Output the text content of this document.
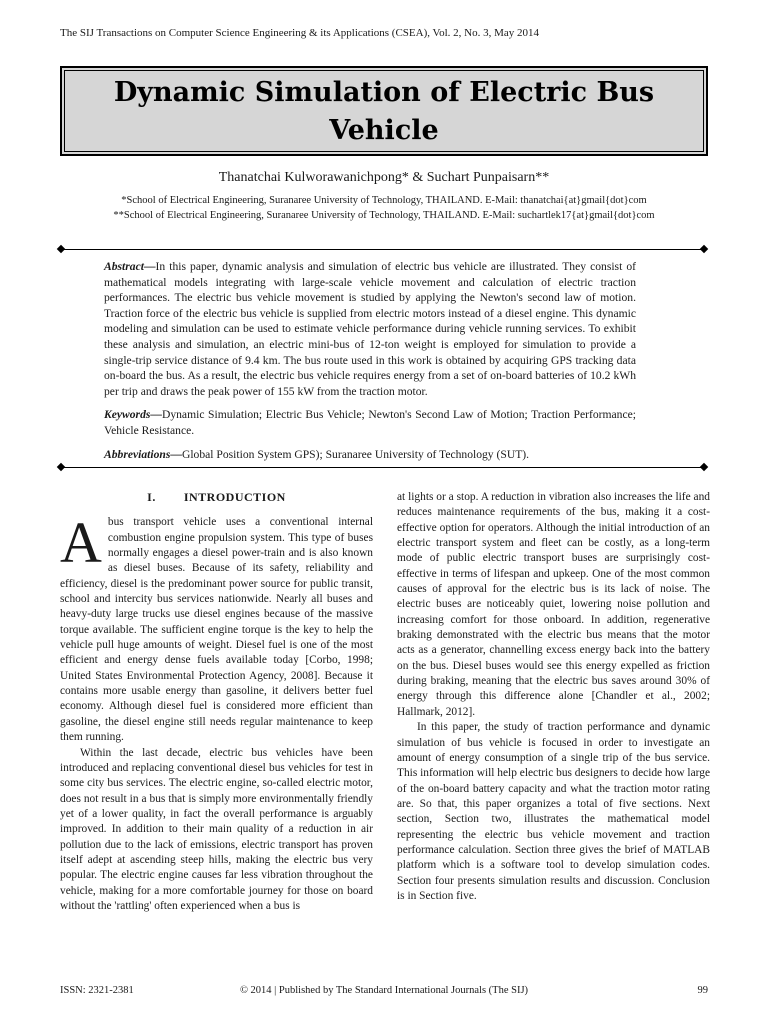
The SIJ Transactions on Computer Science Engineering & its Applications (CSEA), Vol. 2, No. 3, May 2014
Dynamic Simulation of Electric Bus
Vehicle
Thanatchai Kulworawanichpong* & Suchart Punpaisarn**
*School of Electrical Engineering, Suranaree University of Technology, THAILAND. E-Mail: thanatchai{at}gmail{dot}com
**School of Electrical Engineering, Suranaree University of Technology, THAILAND. E-Mail: suchartlek17{at}gmail{dot}com

Abstract—In this paper, dynamic analysis and simulation of electric bus vehicle are illustrated. They consist of mathematical models integrating with large-scale vehicle movement and calculation of electric traction performances. The electric bus vehicle movement is studied by applying the Newton's second law of motion. Traction force of the electric bus vehicle is supplied from electric motors instead of a diesel engine. This dynamic modeling and simulation can be used to estimate vehicle performance during vehicle running services. To exhibit these analysis and simulation, an electric mini-bus of 12-ton weight is employed for simulation to provide a single-trip service distance of 9.4 km. The bus route used in this work is obtained by acquiring GPS tracking data on-board the bus. As a result, the electric bus vehicle requires energy from a set of on-board batteries of 10.2 kWh per trip and draws the peak power of 155 kW from the traction motor.

Keywords—Dynamic Simulation; Electric Bus Vehicle; Newton's Second Law of Motion; Traction Performance; Vehicle Resistance.

Abbreviations—Global Position System GPS); Suranaree University of Technology (SUT).

I. INTRODUCTION

Abus transport vehicle uses a conventional internal combustion engine propulsion system. This type of buses normally engages a diesel power-train and is also known as diesel buses. Because of its safety, reliability and efficiency, diesel is the predominant power source for public transit, school and intercity bus services nationwide. Nearly all buses and heavy-duty large trucks use diesel engines because of the massive torque available. The sufficient engine torque is the key to help the vehicle pull huge amounts of weight. Diesel fuel is one of the most efficient and energy dense fuels available today [Corbo, 1998; United States Environmental Protection Agency, 2008]. Because it contains more usable energy than gasoline, it delivers better fuel economy. Although diesel fuel is considered more efficient than gasoline, the diesel engine still needs regular maintenance to keep them running.

Within the last decade, electric bus vehicles have been introduced and replacing conventional diesel bus vehicles for test in some city bus services. The electric engine, so-called electric motor, does not result in a bus that is simply more environmentally friendly yet of a lower quality, in fact the overall performance is arguably improved. In addition to their main quality of a reduction in air pollution due to the lack of emissions, electric transport has proven itself adept at ascending steep hills, making the electric bus very popular. The electric engine causes far less vibration throughout the vehicle, making for a more comfortable journey for those on board without the 'rattling' often experienced when a bus is

at lights or a stop. A reduction in vibration also increases the life and reduces maintenance requirements of the bus, making it a cost-effective option for operators. Although the initial introduction of an electric transport system and fleet can be costly, as a long-term mode of public electric transport buses are surprisingly cost-effective in terms of lifespan and upkeep. One of the most common causes of approval for the electric bus is its lack of noise. The electric buses are noticeably quiet, lowering noise pollution and increasing comfort for those onboard. In addition, regenerative braking demonstrated with the electric bus means that the motor acts as a generator, channelling excess energy back into the battery on the bus. Diesel buses would see this energy expelled as friction during braking, meaning that the electric bus saves around 30% of energy through this difference alone [Chandler et al., 2002; Hallmark, 2012].

In this paper, the study of traction performance and dynamic simulation of bus vehicle is focused in order to investigate an amount of energy consumption of a single trip of the bus service. This information will help electric bus designers to decide how large of the on-board battery capacity and what the traction motor rating are. So that, this paper organizes a total of five sections. Next section, Section two, illustrates the mathematical model representing the electric bus vehicle movement and traction performance calculation. Section three gives the brief of MATLAB platform which is a software tool to develop simulation codes. Section four presents simulation results and discussion. Conclusion is in Section five.

ISSN: 2321-2381	© 2014 | Published by The Standard International Journals (The SIJ)	99
